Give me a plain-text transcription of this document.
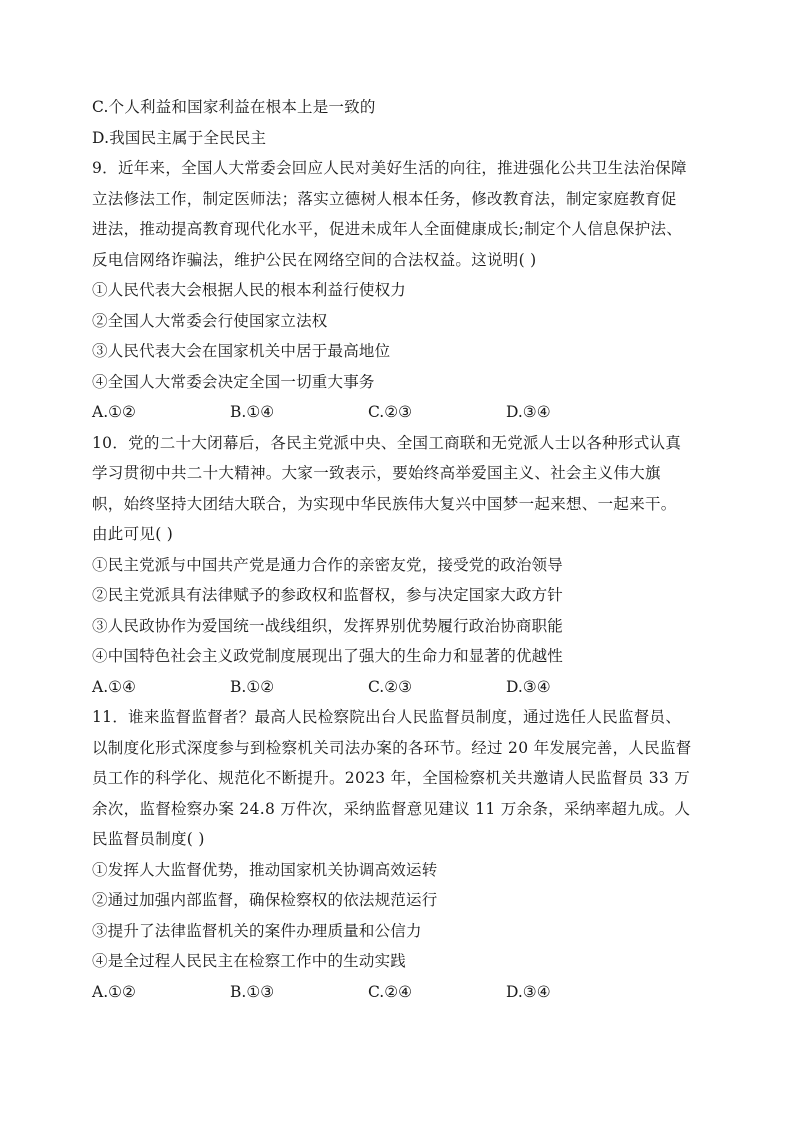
C.个人利益和国家利益在根本上是一致的
D.我国民主属于全民民主
9．近年来，全国人大常委会回应人民对美好生活的向往，推进强化公共卫生法治保障
立法修法工作，制定医师法；落实立德树人根本任务，修改教育法，制定家庭教育促
进法，推动提高教育现代化水平，促进未成年人全面健康成长;制定个人信息保护法、
反电信网络诈骗法，维护公民在网络空间的合法权益。这说明( )
①人民代表大会根据人民的根本利益行使权力
②全国人大常委会行使国家立法权
③人民代表大会在国家机关中居于最高地位
④全国人大常委会决定全国一切重大事务
A.①②	B.①④	C.②③	D.③④
10．党的二十大闭幕后，各民主党派中央、全国工商联和无党派人士以各种形式认真
学习贯彻中共二十大精神。大家一致表示，要始终高举爱国主义、社会主义伟大旗
帜，始终坚持大团结大联合，为实现中华民族伟大复兴中国梦一起来想、一起来干。
由此可见( )
①民主党派与中国共产党是通力合作的亲密友党，接受党的政治领导
②民主党派具有法律赋予的参政权和监督权，参与决定国家大政方针
③人民政协作为爱国统一战线组织，发挥界别优势履行政治协商职能
④中国特色社会主义政党制度展现出了强大的生命力和显著的优越性
A.①④	B.①②	C.②③	D.③④
11．谁来监督监督者？最高人民检察院出台人民监督员制度，通过选任人民监督员、
以制度化形式深度参与到检察机关司法办案的各环节。经过 20 年发展完善，人民监督
员工作的科学化、规范化不断提升。2023 年，全国检察机关共邀请人民监督员 33 万
余次，监督检察办案 24.8 万件次，采纳监督意见建议 11 万余条，采纳率超九成。人
民监督员制度( )
①发挥人大监督优势，推动国家机关协调高效运转
②通过加强内部监督，确保检察权的依法规范运行
③提升了法律监督机关的案件办理质量和公信力
④是全过程人民民主在检察工作中的生动实践
A.①②	B.①③	C.②④	D.③④
